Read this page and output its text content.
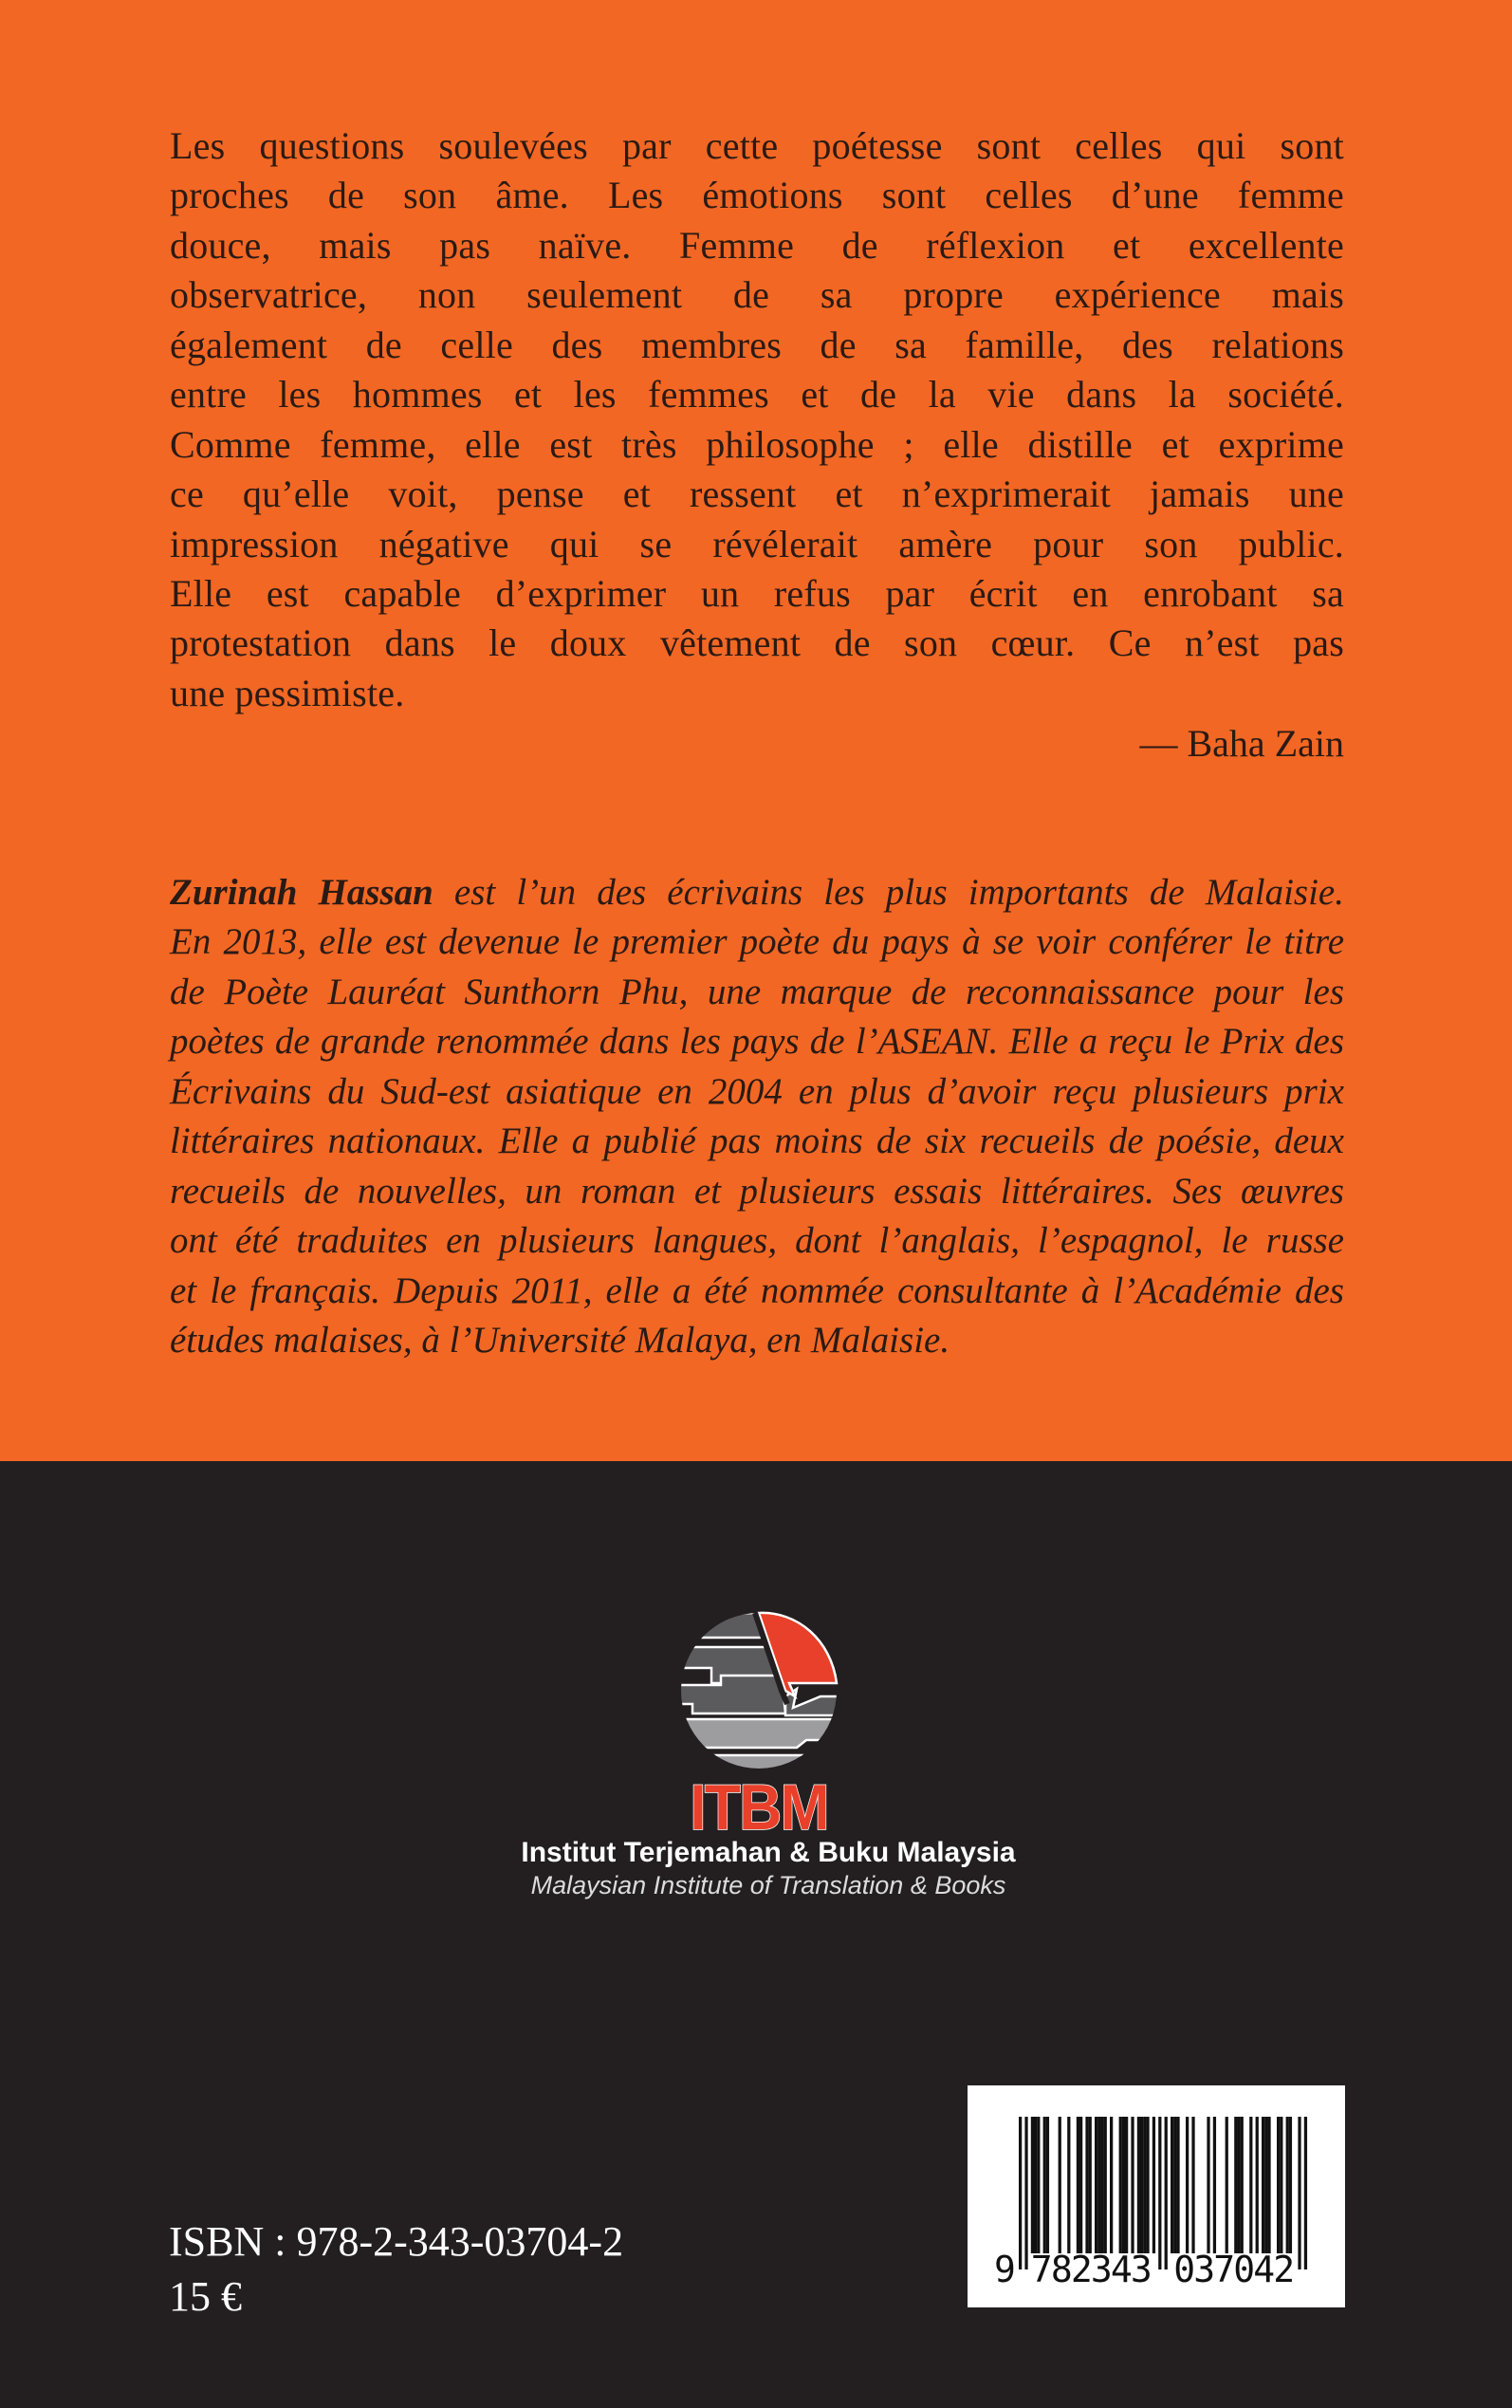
Les questions soulevées par cette poétesse sont celles qui sont
proches de son âme. Les émotions sont celles d’une femme
douce, mais pas naïve. Femme de réflexion et excellente
observatrice, non seulement de sa propre expérience mais
également de celle des membres de sa famille, des relations
entre les hommes et les femmes et de la vie dans la société.
Comme femme, elle est très philosophe ; elle distille et exprime
ce qu’elle voit, pense et ressent et n’exprimerait jamais une
impression négative qui se révélerait amère pour son public.
Elle est capable d’exprimer un refus par écrit en enrobant sa
protestation dans le doux vêtement de son cœur. Ce n’est pas
une pessimiste.
— Baha Zain
Zurinah Hassan est l’un des écrivains les plus importants de Malaisie.
En 2013, elle est devenue le premier poète du pays à se voir conférer le titre
de Poète Lauréat Sunthorn Phu, une marque de reconnaissance pour les
poètes de grande renommée dans les pays de l’ASEAN. Elle a reçu le Prix des
Écrivains du Sud-est asiatique en 2004 en plus d’avoir reçu plusieurs prix
littéraires nationaux. Elle a publié pas moins de six recueils de poésie, deux
recueils de nouvelles, un roman et plusieurs essais littéraires. Ses œuvres
ont été traduites en plusieurs langues, dont l’anglais, l’espagnol, le russe
et le français. Depuis 2011, elle a été nommée consultante à l’Académie des
études malaises, à l’Université Malaya, en Malaisie.
ITBM
Institut Terjemahan & Buku Malaysia
Malaysian Institute of Translation & Books
ISBN : 978-2-343-03704-2
15 €
9 782343 037042
